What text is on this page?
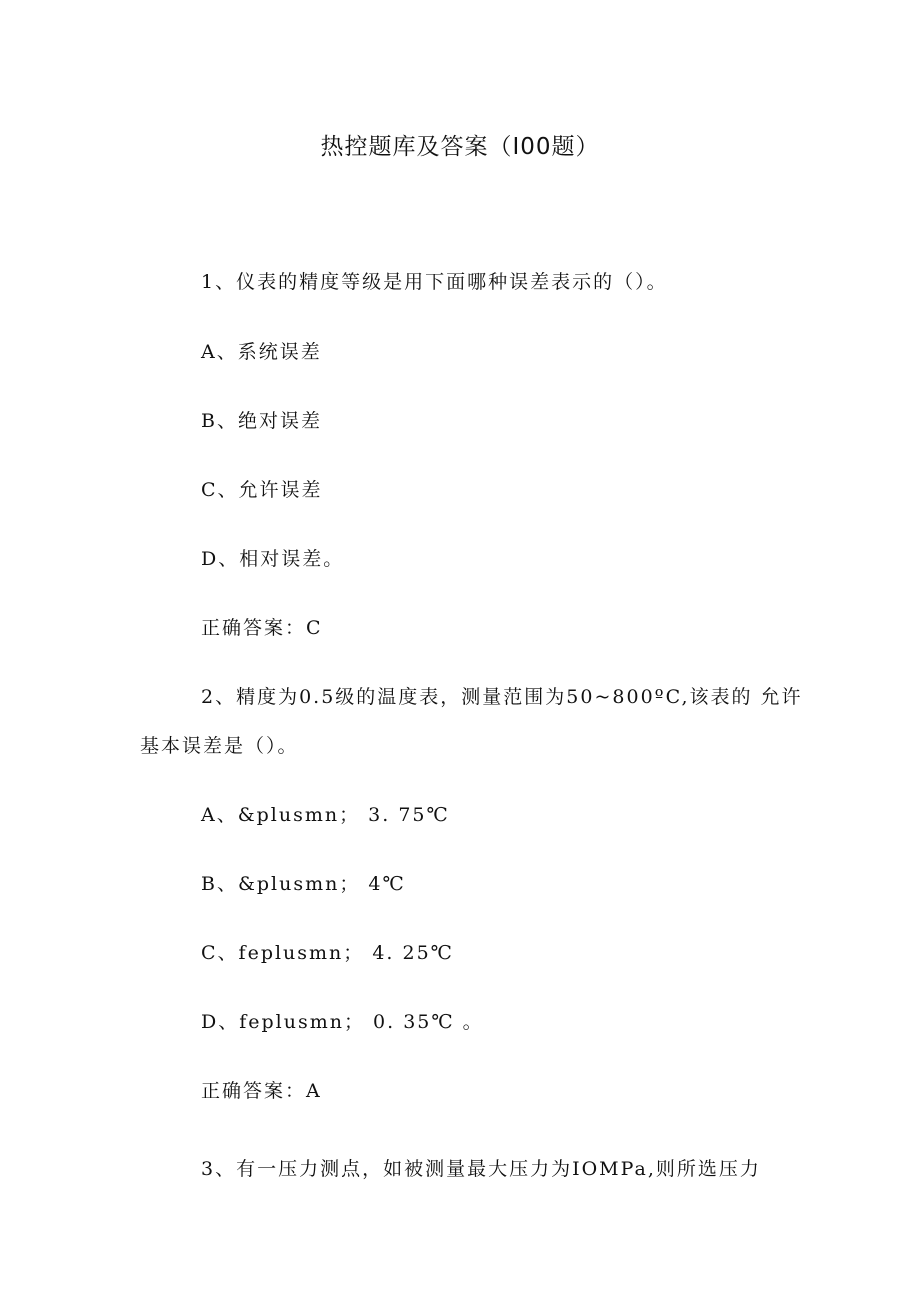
热控题库及答案（I00题）
1、仪表的精度等级是用下面哪种误差表示的（）。
A、系统误差
B、绝对误差
C、允许误差
D、相对误差。
正确答案：C
2、精度为0.5级的温度表，测量范围为50~800ºC,该表的 允许
基本误差是（）。
A、&plusmn； 3. 75℃
B、&plusmn； 4℃
C、feplusmn； 4. 25℃
D、feplusmn； 0. 35℃ 。
正确答案：A
3、有一压力测点，如被测量最大压力为IOMPa,则所选压力
